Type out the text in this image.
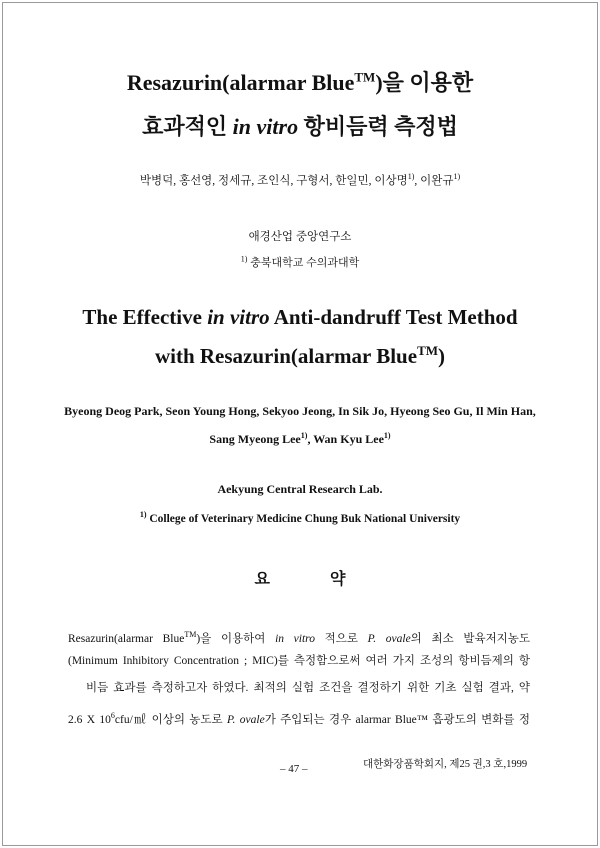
Resazurin(alarmar Blue™)을 이용한
효과적인 in vitro 항비듬력 측정법
박병덕, 홍선영, 정세규, 조인식, 구형서, 한일민, 이상명$^{1)}$, 이완규$^{1)}$
애경산업 중앙연구소
$^{1)}$ 충북대학교 수의과대학
The Effective in vitro Anti-dandruff Test Method
with Resazurin(alarmar Blue™)
Byeong Deog Park, Seon Young Hong, Sekyoo Jeong, In Sik Jo, Hyeong Seo Gu, Il Min Han,
Sang Myeong Lee$^{1)}$, Wan Kyu Lee$^{1)}$
Aekyung Central Research Lab.
$^{1)}$ College of Veterinary Medicine Chung Buk National University
요	약
Resazurin(alarmar Blue™)을 이용하여 in vitro 적으로 P. ovale의 최소 발육저지농도
(Minimum Inhibitory Concentration ; MIC)를 측정함으로써 여러 가지 조성의 항비듬제의 항
비듬 효과를 측정하고자 하였다. 최적의 실험 조건을 결정하기 위한 기초 실험 결과, 약
2.6 X $10^6cfu/㎖$ 이상의 농도로 P. ovale가 주입되는 경우 alarmar Blue™ 흡광도의 변화를 정
– 47 –	대한화장품학회지, 제25 권,3 호,1999
